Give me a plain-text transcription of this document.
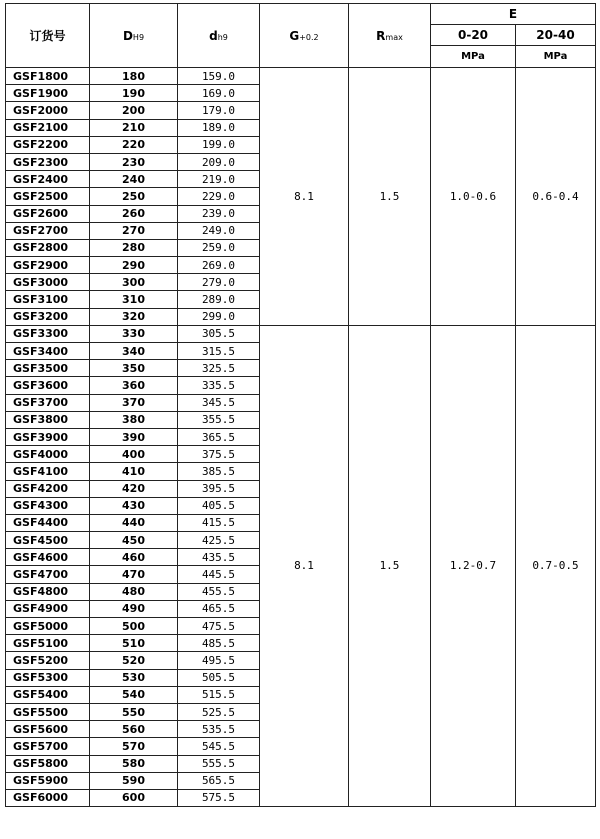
订货号	DH9	dh9	G+0.2	Rmax	E	
					0-20	20-40
					MPa	MPa
GSF1800	180	159.0	8.1	1.5	1.0-0.6	0.6-0.4
GSF1900	190	169.0				
GSF2000	200	179.0				
GSF2100	210	189.0				
GSF2200	220	199.0				
GSF2300	230	209.0				
GSF2400	240	219.0				
GSF2500	250	229.0				
GSF2600	260	239.0				
GSF2700	270	249.0				
GSF2800	280	259.0				
GSF2900	290	269.0				
GSF3000	300	279.0				
GSF3100	310	289.0				
GSF3200	320	299.0				
GSF3300	330	305.5	8.1	1.5	1.2-0.7	0.7-0.5
GSF3400	340	315.5				
GSF3500	350	325.5				
GSF3600	360	335.5				
GSF3700	370	345.5				
GSF3800	380	355.5				
GSF3900	390	365.5				
GSF4000	400	375.5				
GSF4100	410	385.5				
GSF4200	420	395.5				
GSF4300	430	405.5				
GSF4400	440	415.5				
GSF4500	450	425.5				
GSF4600	460	435.5				
GSF4700	470	445.5				
GSF4800	480	455.5				
GSF4900	490	465.5				
GSF5000	500	475.5				
GSF5100	510	485.5				
GSF5200	520	495.5				
GSF5300	530	505.5				
GSF5400	540	515.5				
GSF5500	550	525.5				
GSF5600	560	535.5				
GSF5700	570	545.5				
GSF5800	580	555.5				
GSF5900	590	565.5				
GSF6000	600	575.5				
